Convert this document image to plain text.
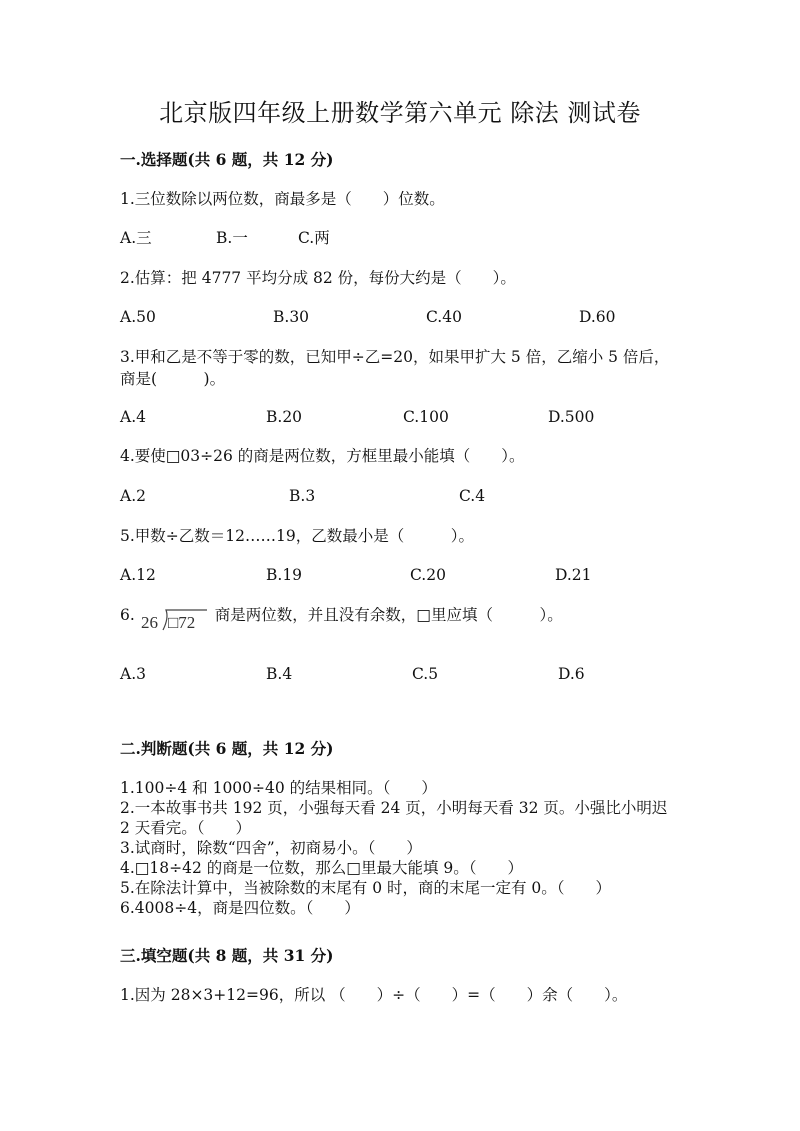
北京版四年级上册数学第六单元 除法 测试卷
一.选择题(共 6 题，共 12 分)
1.三位数除以两位数，商最多是（　　）位数。
A.三	B.一	C.两
2.估算：把 4777 平均分成 82 份，每份大约是（　　）。
A.50	B.30	C.40	D.60
3.甲和乙是不等于零的数，已知甲÷乙=20，如果甲扩大 5 倍，乙缩小 5 倍后，
商是(　　　)。
A.4	B.20	C.100	D.500
4.要使□03÷26 的商是两位数，方框里最小能填（　　）。
A.2	B.3	C.4
5.甲数÷乙数＝12……19，乙数最小是（　　　）。
A.12	B.19	C.20	D.21
6. 26 □72 商是两位数，并且没有余数，□里应填（　　　）。
A.3	B.4	C.5	D.6
二.判断题(共 6 题，共 12 分)
1.100÷4 和 1000÷40 的结果相同。（　　）
2.一本故事书共 192 页，小强每天看 24 页，小明每天看 32 页。小强比小明迟
2 天看完。（　　）
3.试商时，除数“四舍”，初商易小。（　　）
4.□18÷42 的商是一位数，那么□里最大能填 9。（　　）
5.在除法计算中，当被除数的末尾有 0 时，商的末尾一定有 0。（　　）
6.4008÷4，商是四位数。（　　）
三.填空题(共 8 题，共 31 分)
1.因为 28×3+12=96，所以 （　　）÷（　　）=（　　）余（　　）。
